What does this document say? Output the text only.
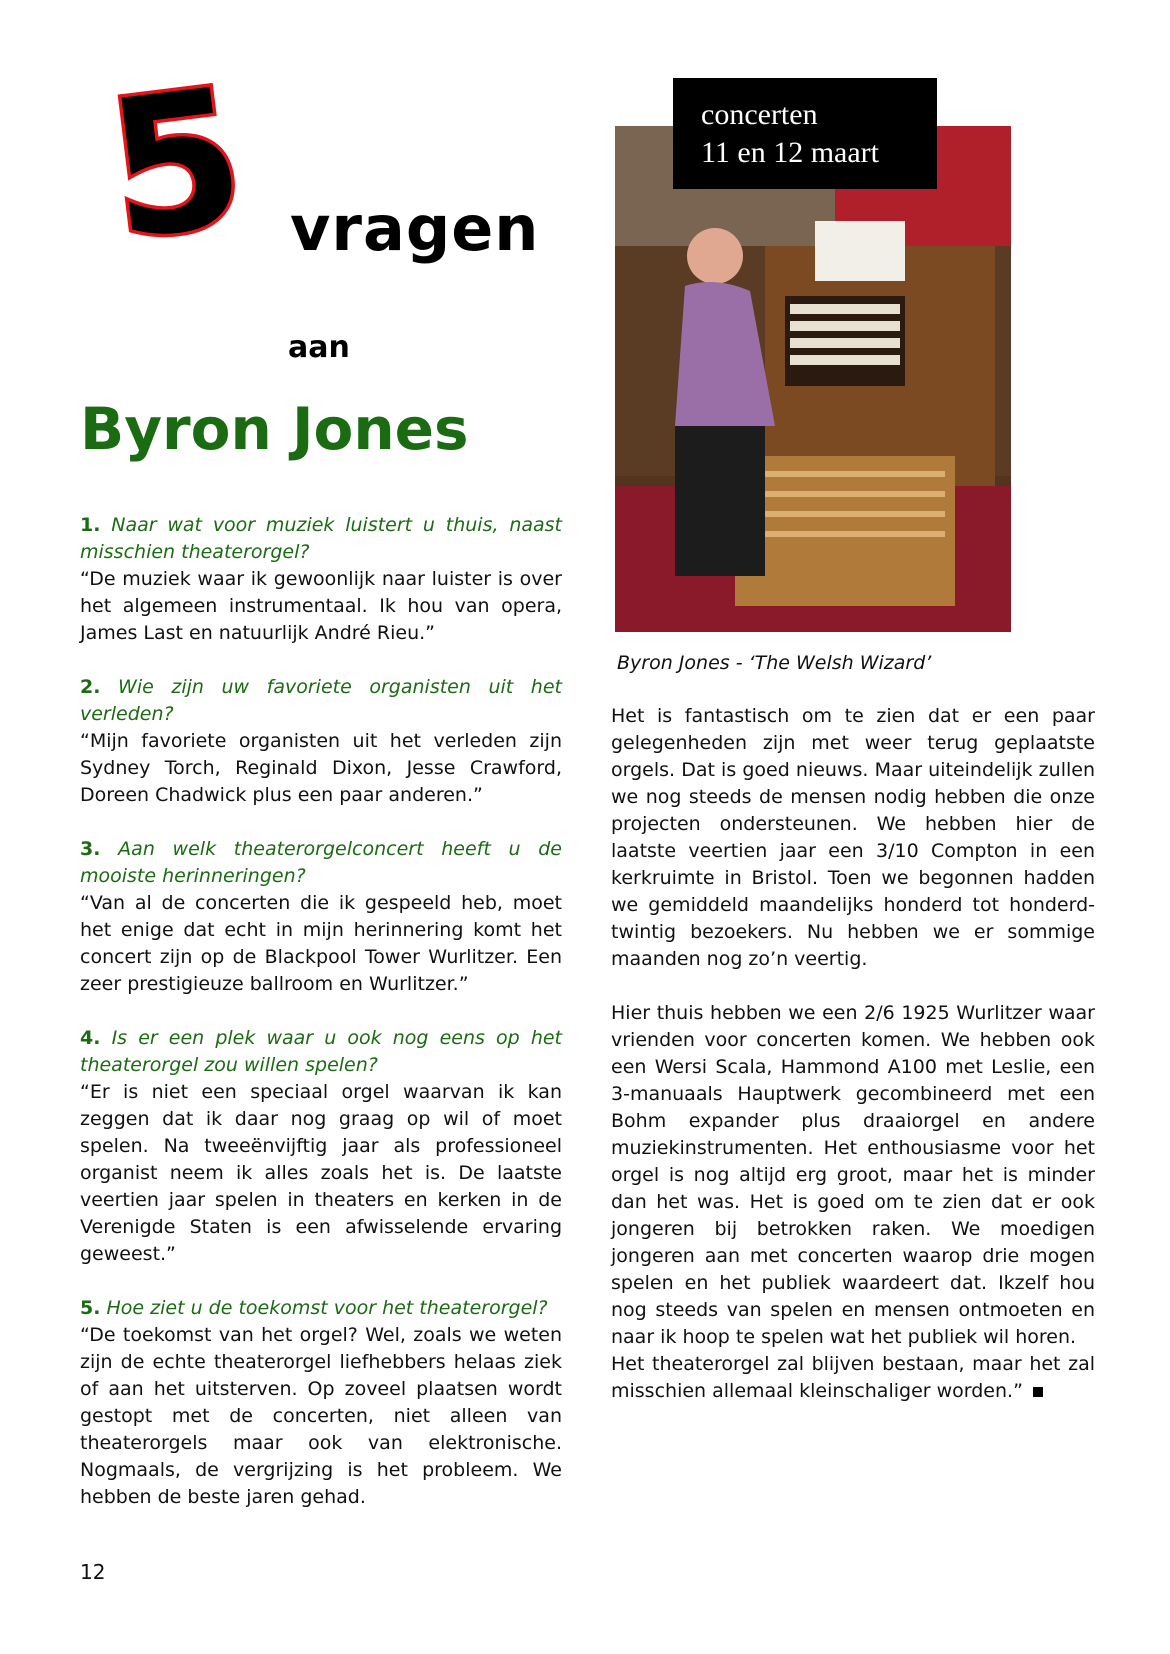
5 vragen
aan
Byron Jones
concerten
11 en 12 maart
Byron Jones - ‘The Welsh Wizard’

1. Naar wat voor muziek luistert u thuis, naast misschien theaterorgel?
“De muziek waar ik gewoonlijk naar luister is over het algemeen instrumentaal. Ik hou van opera, James Last en natuurlijk André Rieu.”

2. Wie zijn uw favoriete organisten uit het verleden?
“Mijn favoriete organisten uit het verleden zijn Sydney Torch, Reginald Dixon, Jesse Crawford, Doreen Chadwick plus een paar anderen.”

3. Aan welk theaterorgelconcert heeft u de mooiste herinneringen?
“Van al de concerten die ik gespeeld heb, moet het enige dat echt in mijn herinnering komt het concert zijn op de Blackpool Tower Wurlitzer. Een zeer prestigieuze ballroom en Wurlitzer.”

4. Is er een plek waar u ook nog eens op het theaterorgel zou willen spelen?
“Er is niet een speciaal orgel waarvan ik kan zeggen dat ik daar nog graag op wil of moet spelen. Na tweeënvijftig jaar als professioneel organist neem ik alles zoals het is. De laatste veertien jaar spelen in theaters en kerken in de Verenigde Staten is een afwisselende ervaring geweest.”

5. Hoe ziet u de toekomst voor het theaterorgel?
“De toekomst van het orgel? Wel, zoals we weten zijn de echte theaterorgel liefhebbers helaas ziek of aan het uitsterven. Op zoveel plaatsen wordt gestopt met de concerten, niet alleen van theaterorgels maar ook van elektronische. Nogmaals, de vergrijzing is het probleem. We hebben de beste jaren gehad.

Het is fantastisch om te zien dat er een paar gelegenheden zijn met weer terug geplaatste orgels. Dat is goed nieuws. Maar uiteindelijk zullen we nog steeds de mensen nodig hebben die onze projecten ondersteunen. We hebben hier de laatste veertien jaar een 3/10 Compton in een kerkruimte in Bristol. Toen we begonnen hadden we gemiddeld maandelijks honderd tot honderd-twintig bezoekers. Nu hebben we er sommige maanden nog zo’n veertig.

Hier thuis hebben we een 2/6 1925 Wurlitzer waar vrienden voor concerten komen. We hebben ook een Wersi Scala, Hammond A100 met Leslie, een 3-manuaals Hauptwerk gecombineerd met een Bohm expander plus draaiorgel en andere muziekinstrumenten. Het enthousiasme voor het orgel is nog altijd erg groot, maar het is minder dan het was. Het is goed om te zien dat er ook jongeren bij betrokken raken. We moedigen jongeren aan met concerten waarop drie mogen spelen en het publiek waardeert dat. Ikzelf hou nog steeds van spelen en mensen ontmoeten en naar ik hoop te spelen wat het publiek wil horen.

Het theaterorgel zal blijven bestaan, maar het zal misschien allemaal kleinschaliger worden.”

12
